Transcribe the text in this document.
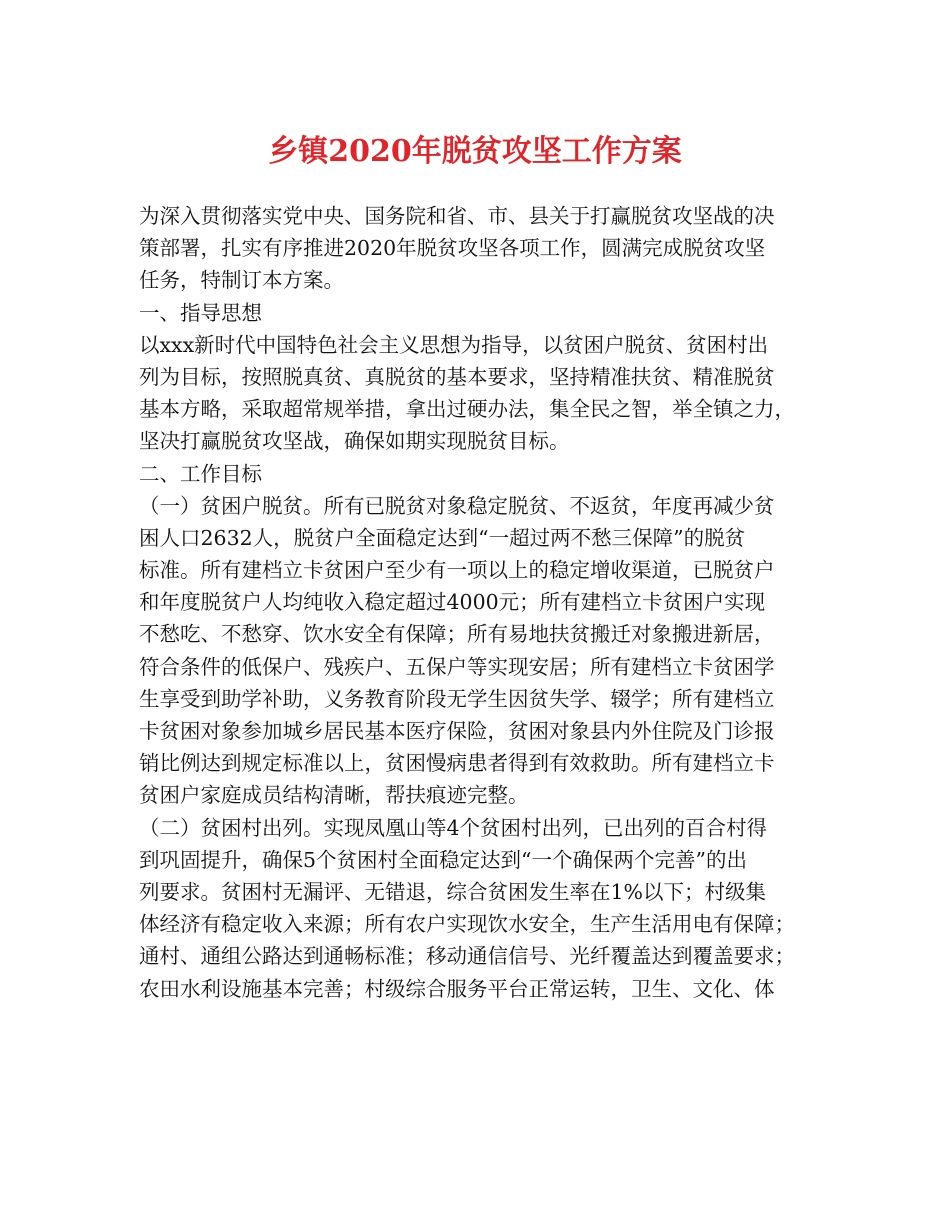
乡镇2020年脱贫攻坚工作方案
为深入贯彻落实党中央、国务院和省、市、县关于打赢脱贫攻坚战的决
策部署，扎实有序推进2020年脱贫攻坚各项工作，圆满完成脱贫攻坚
任务，特制订本方案。
一、指导思想
以xxx新时代中国特色社会主义思想为指导，以贫困户脱贫、贫困村出
列为目标，按照脱真贫、真脱贫的基本要求，坚持精准扶贫、精准脱贫
基本方略，采取超常规举措，拿出过硬办法，集全民之智，举全镇之力，
坚决打赢脱贫攻坚战，确保如期实现脱贫目标。
二、工作目标
（一）贫困户脱贫。所有已脱贫对象稳定脱贫、不返贫，年度再减少贫
困人口2632人，脱贫户全面稳定达到“一超过两不愁三保障”的脱贫
标准。所有建档立卡贫困户至少有一项以上的稳定增收渠道，已脱贫户
和年度脱贫户人均纯收入稳定超过4000元；所有建档立卡贫困户实现
不愁吃、不愁穿、饮水安全有保障；所有易地扶贫搬迁对象搬进新居，
符合条件的低保户、残疾户、五保户等实现安居；所有建档立卡贫困学
生享受到助学补助，义务教育阶段无学生因贫失学、辍学；所有建档立
卡贫困对象参加城乡居民基本医疗保险，贫困对象县内外住院及门诊报
销比例达到规定标准以上，贫困慢病患者得到有效救助。所有建档立卡
贫困户家庭成员结构清晰，帮扶痕迹完整。
（二）贫困村出列。实现凤凰山等4个贫困村出列，已出列的百合村得
到巩固提升，确保5个贫困村全面稳定达到“一个确保两个完善”的出
列要求。贫困村无漏评、无错退，综合贫困发生率在1%以下；村级集
体经济有稳定收入来源；所有农户实现饮水安全，生产生活用电有保障；
通村、通组公路达到通畅标准；移动通信信号、光纤覆盖达到覆盖要求；
农田水利设施基本完善；村级综合服务平台正常运转，卫生、文化、体
